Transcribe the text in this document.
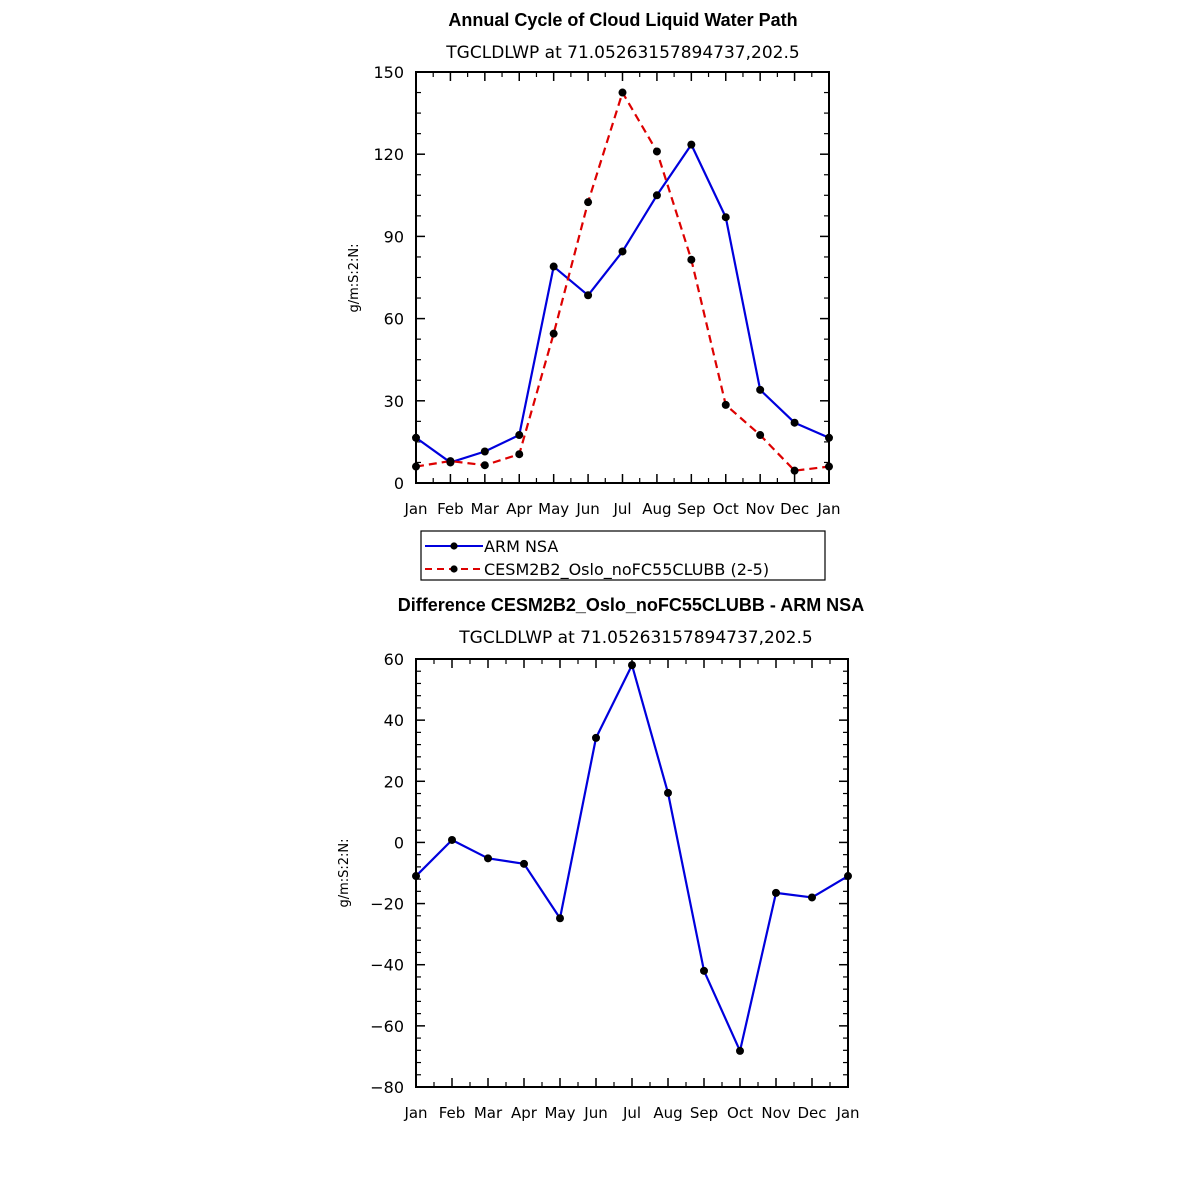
Annual Cycle of Cloud Liquid Water Path
TGCLDLWP at 71.05263157894737,202.5
g/m:S:2:N:
Jan Feb Mar Apr May Jun Jul Aug Sep Oct Nov Dec Jan
0
30
60
90
120
150
ARM NSA
CESM2B2_Oslo_noFC55CLUBB (2-5)
Difference CESM2B2_Oslo_noFC55CLUBB - ARM NSA
TGCLDLWP at 71.05263157894737,202.5
g/m:S:2:N:
Jan Feb Mar Apr May Jun Jul Aug Sep Oct Nov Dec Jan
−80
−60
−40
−20
0
20
40
60
